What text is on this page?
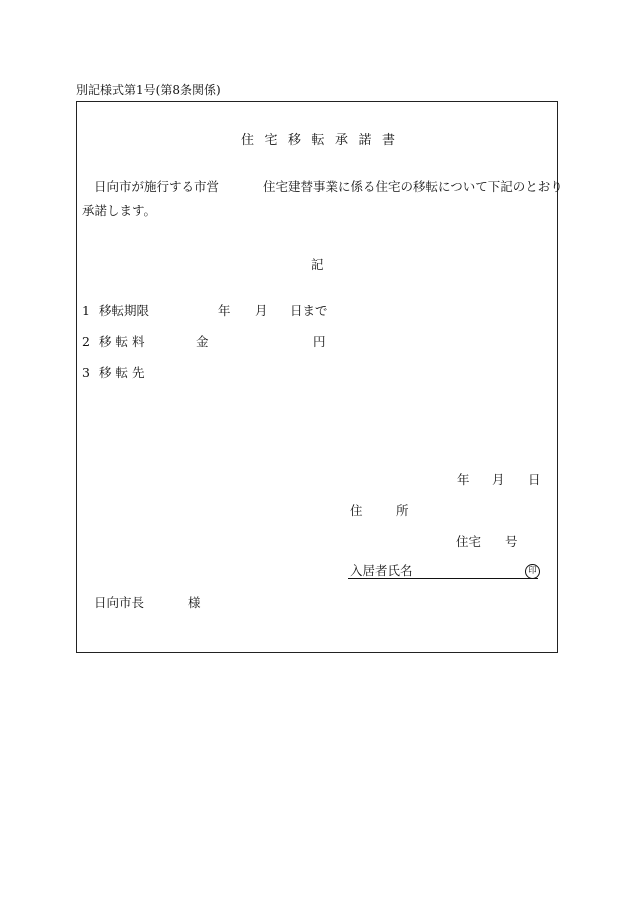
別記様式第1号(第8条関係)
住宅移転承諾書
日向市が施行する市営	住宅建替事業に係る住宅の移転について下記のとおり
承諾します。
記
1 移転期限	年 月 日まで
2 移 転 料	金	円
3 移 転 先
年 月 日
住	所
住宅 号
入居者氏名	印
日向市長	様
